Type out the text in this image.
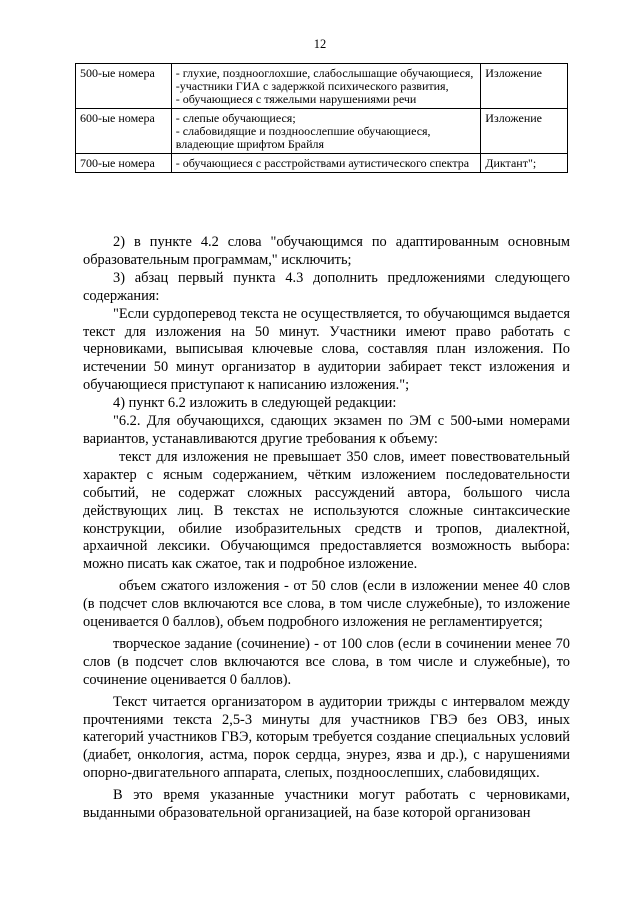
12
500-ые номера	- глухие, позднооглохшие, слабослышащие обучающиеся,
-участники ГИА с задержкой психического развития,
- обучающиеся с тяжелыми нарушениями речи	Изложение
600-ые номера	- слепые обучающиеся;
- слабовидящие и поздноослепшие обучающиеся, владеющие шрифтом Брайля	Изложение
700-ые номера	- обучающиеся с расстройствами аутистического спектра	Диктант";

2) в пункте 4.2 слова "обучающимся по адаптированным основным образовательным программам," исключить;

3) абзац первый пункта 4.3 дополнить предложениями следующего содержания:

"Если сурдоперевод текста не осуществляется, то обучающимся выдается текст для изложения на 50 минут. Участники имеют право работать с черновиками, выписывая ключевые слова, составляя план изложения. По истечении 50 минут организатор в аудитории забирает текст изложения и обучающиеся приступают к написанию изложения.";

4) пункт 6.2 изложить в следующей редакции:

"6.2. Для обучающихся, сдающих экзамен по ЭМ с 500-ыми номерами вариантов, устанавливаются другие требования к объему:

текст для изложения не превышает 350 слов, имеет повествовательный характер с ясным содержанием, чётким изложением последовательности событий, не содержат сложных рассуждений автора, большого числа действующих лиц. В текстах не используются сложные синтаксические конструкции, обилие изобразительных средств и тропов, диалектной, архаичной лексики. Обучающимся предоставляется возможность выбора: можно писать как сжатое, так и подробное изложение.

объем сжатого изложения - от 50 слов (если в изложении менее 40 слов (в подсчет слов включаются все слова, в том числе служебные), то изложение оценивается 0 баллов), объем подробного изложения не регламентируется;

творческое задание (сочинение) - от 100 слов (если в сочинении менее 70 слов (в подсчет слов включаются все слова, в том числе и служебные), то сочинение оценивается 0 баллов).

Текст читается организатором в аудитории трижды с интервалом между прочтениями текста 2,5-3 минуты для участников ГВЭ без ОВЗ, иных категорий участников ГВЭ, которым требуется создание специальных условий (диабет, онкология, астма, порок сердца, энурез, язва и др.), с нарушениями опорно-двигательного аппарата, слепых, поздноослепших, слабовидящих.

В это время указанные участники могут работать с черновиками, выданными образовательной организацией, на базе которой организован
